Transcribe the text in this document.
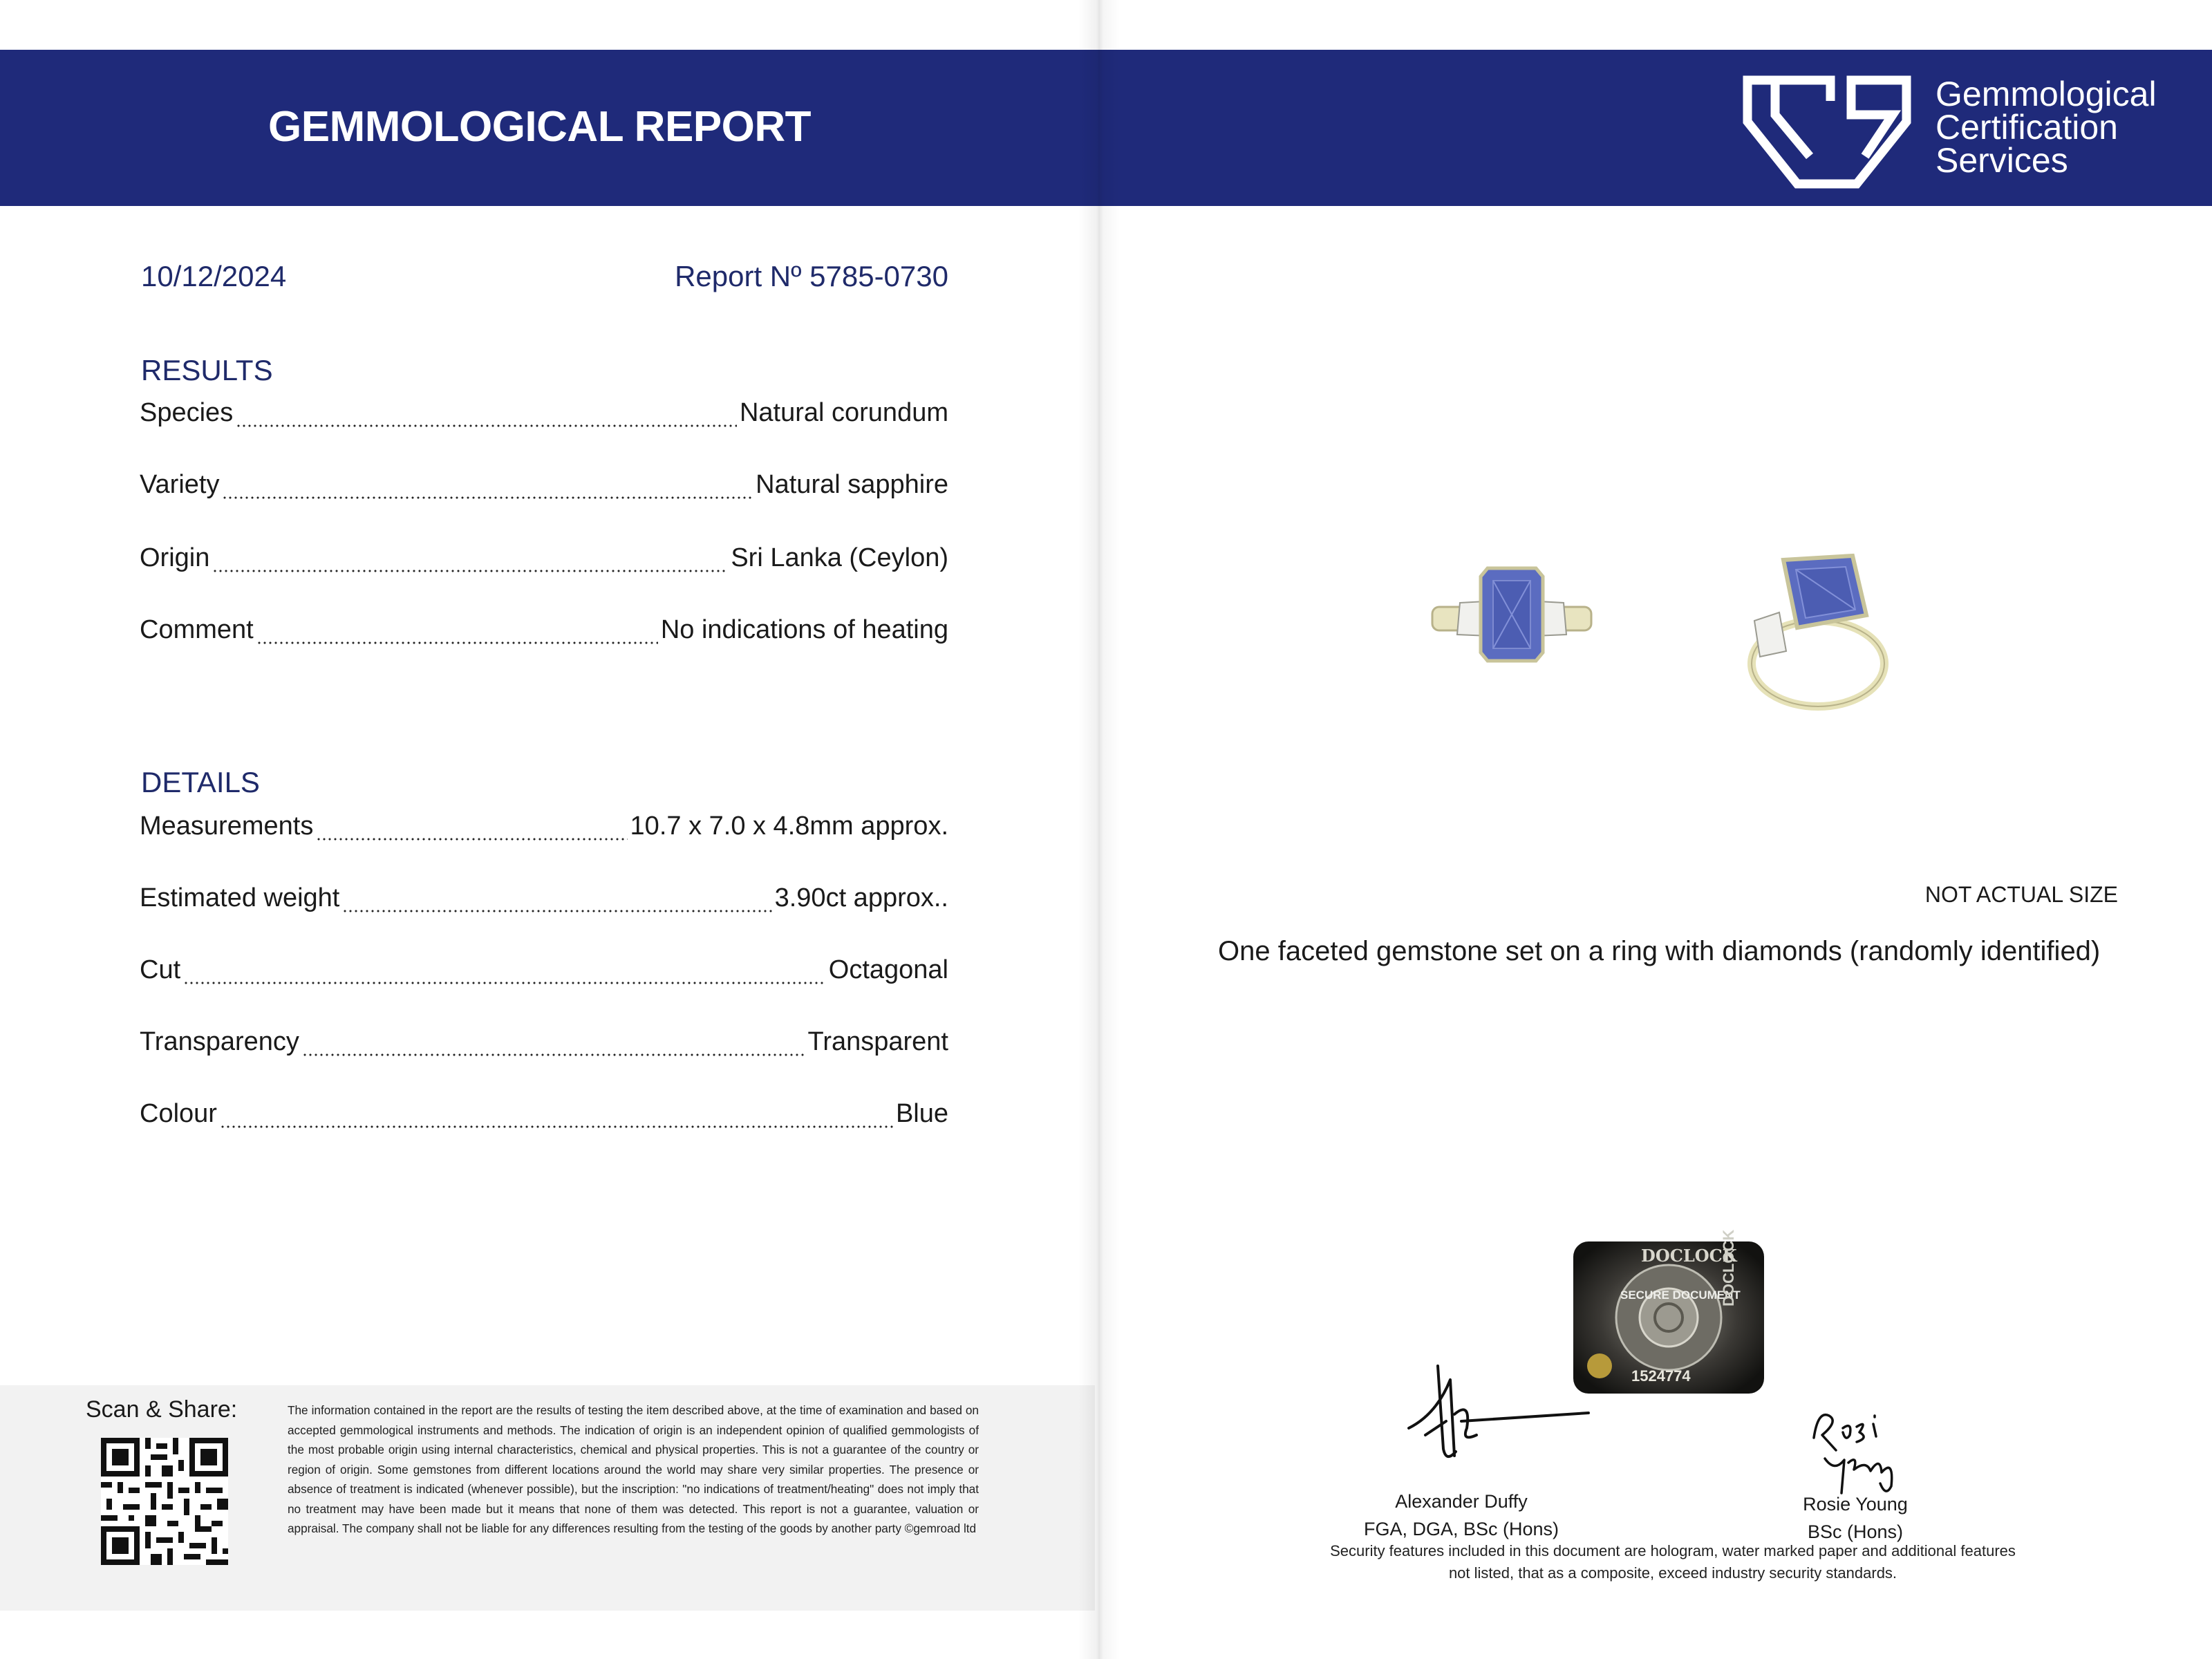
GEMMOLOGICAL REPORT
10/12/2024	Report Nº 5785-0730
RESULTS
Species	Natural corundum
Variety	Natural sapphire
Origin	Sri Lanka (Ceylon)
Comment	No indications of heating
DETAILS
Measurements	10.7 x 7.0 x 4.8mm approx.
Estimated weight	3.90ct approx..
Cut	Octagonal
Transparency	Transparent
Colour	Blue
Scan & Share:	The information contained in the report are the results of testing the item described above, at the time of examination and based on accepted gemmological instruments and methods. The indication of origin is an independent opinion of qualified gemmologists of the most probable origin using internal characteristics, chemical and physical properties. This is not a guarantee of the country or region of origin. Some gemstones from different locations around the world may share very similar properties. The presence or absence of treatment is indicated (whenever possible), but the inscription: "no indications of treatment/heating" does not imply that no treatment may have been made but it means that none of them was detected. This report is not a guarantee, valuation or appraisal. The company shall not be liable for any differences resulting from the testing of the goods by another party ©gemroad ltd
Gemmological
Certification
Services
NOT ACTUAL SIZE
One faceted gemstone set on a ring with diamonds (randomly identified)
DOCLOCK
SECURE DOCUMENT
DOCLOCK
1524774
Alexander Duffy
FGA, DGA, BSc (Hons)
Rosie Young
BSc (Hons)
Security features included in this document are hologram, water marked paper and additional features not listed, that as a composite, exceed industry security standards.
